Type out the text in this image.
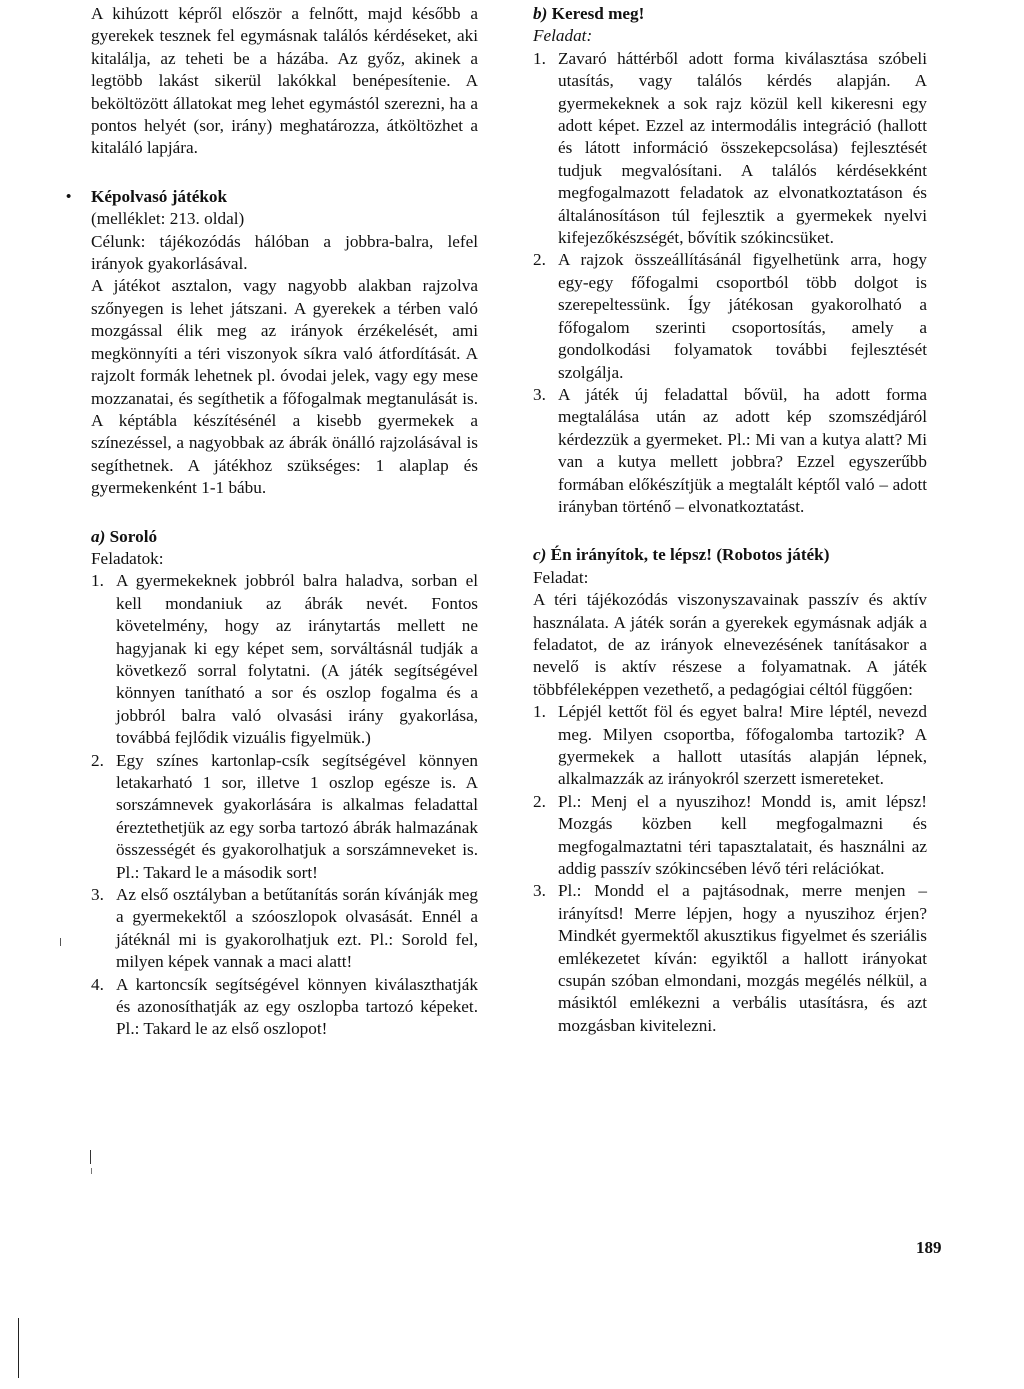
A kihúzott képről először a felnőtt, majd később a gyerekek tesznek fel egymásnak találós kérdéseket, aki kitalálja, az teheti be a házába. Az győz, akinek a legtöbb lakást sikerül lakókkal benépesítenie. A beköltözött állatokat meg lehet egymástól szerezni, ha a pontos helyét (sor, irány) meghatározza, átköltözhet a kitaláló lapjára.

• Képolvasó játékok

(melléklet: 213. oldal)

Célunk: tájékozódás hálóban a jobbra-balra, lefel irányok gyakorlásával.

A játékot asztalon, vagy nagyobb alakban rajzolva szőnyegen is lehet játszani. A gyerekek a térben való mozgással élik meg az irányok érzékelését, ami megkönnyíti a téri viszonyok síkra való átfordítását. A rajzolt formák lehetnek pl. óvodai jelek, vagy egy mese mozzanatai, és segíthetik a főfogalmak megtanulását is. A képtábla készítésénél a kisebb gyermekek a színezéssel, a nagyobbak az ábrák önálló rajzolásával is segíthetnek. A játékhoz szükséges: 1 alaplap és gyermekenként 1-1 bábu.

a) Soroló

Feladatok:

1. A gyermekeknek jobbról balra haladva, sorban el kell mondaniuk az ábrák nevét. Fontos követelmény, hogy az iránytartás mellett ne hagyjanak ki egy képet sem, sorváltásnál tudják a következő sorral folytatni. (A játék segítségével könnyen tanítható a sor és oszlop fogalma és a jobbról balra való olvasási irány gyakorlása, továbbá fejlődik vizuális figyelmük.)
2. Egy színes kartonlap-csík segítségével könnyen letakarható 1 sor, illetve 1 oszlop egésze is. A sorszámnevek gyakorlására is alkalmas feladattal éreztethetjük az egy sorba tartozó ábrák halmazának összességét és gyakorolhatjuk a sorszámneveket is. Pl.: Takard le a második sort!
3. Az első osztályban a betűtanítás során kívánják meg a gyermekektől a szóoszlopok olvasását. Ennél a játéknál mi is gyakorolhatjuk ezt. Pl.: Sorold fel, milyen képek vannak a maci alatt!
4. A kartoncsík segítségével könnyen kiválaszthatják és azonosíthatják az egy oszlopba tartozó képeket. Pl.: Takard le az első oszlopot!

b) Keresd meg!

Feladat:

1. Zavaró háttérből adott forma kiválasztása szóbeli utasítás, vagy találós kérdés alapján. A gyermekeknek a sok rajz közül kell kikeresni egy adott képet. Ezzel az intermodális integráció (hallott és látott információ összekepcsolása) fejlesztését tudjuk megvalósítani. A találós kérdésekként megfogalmazott feladatok az elvonatkoztatáson és általánosításon túl fejlesztik a gyermekek nyelvi kifejezőkészségét, bővítik szókincsüket.
2. A rajzok összeállításánál figyelhetünk arra, hogy egy-egy főfogalmi csoportból több dolgot is szerepeltessünk. Így játékosan gyakorolható a főfogalom szerinti csoportosítás, amely a gondolkodási folyamatok további fejlesztését szolgálja.
3. A játék új feladattal bővül, ha adott forma megtalálása után az adott kép szomszédjáról kérdezzük a gyermeket. Pl.: Mi van a kutya alatt? Mi van a kutya mellett jobbra? Ezzel egyszerűbb formában előkészítjük a megtalált képtől való – adott irányban történő – elvonatkoztatást.

c) Én irányítok, te lépsz! (Robotos játék)

Feladat:

A téri tájékozódás viszonyszavainak passzív és aktív használata. A játék során a gyerekek egymásnak adják a feladatot, de az irányok elnevezésének tanításakor a nevelő is aktív részese a folyamatnak. A játék többféleképpen vezethető, a pedagógiai céltól függően:

1. Lépjél kettőt föl és egyet balra! Mire léptél, nevezd meg. Milyen csoportba, főfogalomba tartozik? A gyermekek a hallott utasítás alapján lépnek, alkalmazzák az irányokról szerzett ismereteket.
2. Pl.: Menj el a nyuszihoz! Mondd is, amit lépsz! Mozgás közben kell megfogalmazni és megfogalmaztatni téri tapasztalatait, és használni az addig passzív szókincsében lévő téri relációkat.
3. Pl.: Mondd el a pajtásodnak, merre menjen – irányítsd! Merre lépjen, hogy a nyuszihoz érjen? Mindkét gyermektől akusztikus figyelmet és szeriális emlékezetet kíván: egyiktől a hallott irányokat csupán szóban elmondani, mozgás megélés nélkül, a másiktól emlékezni a verbális utasításra, és azt mozgásban kivitelezni.
189
